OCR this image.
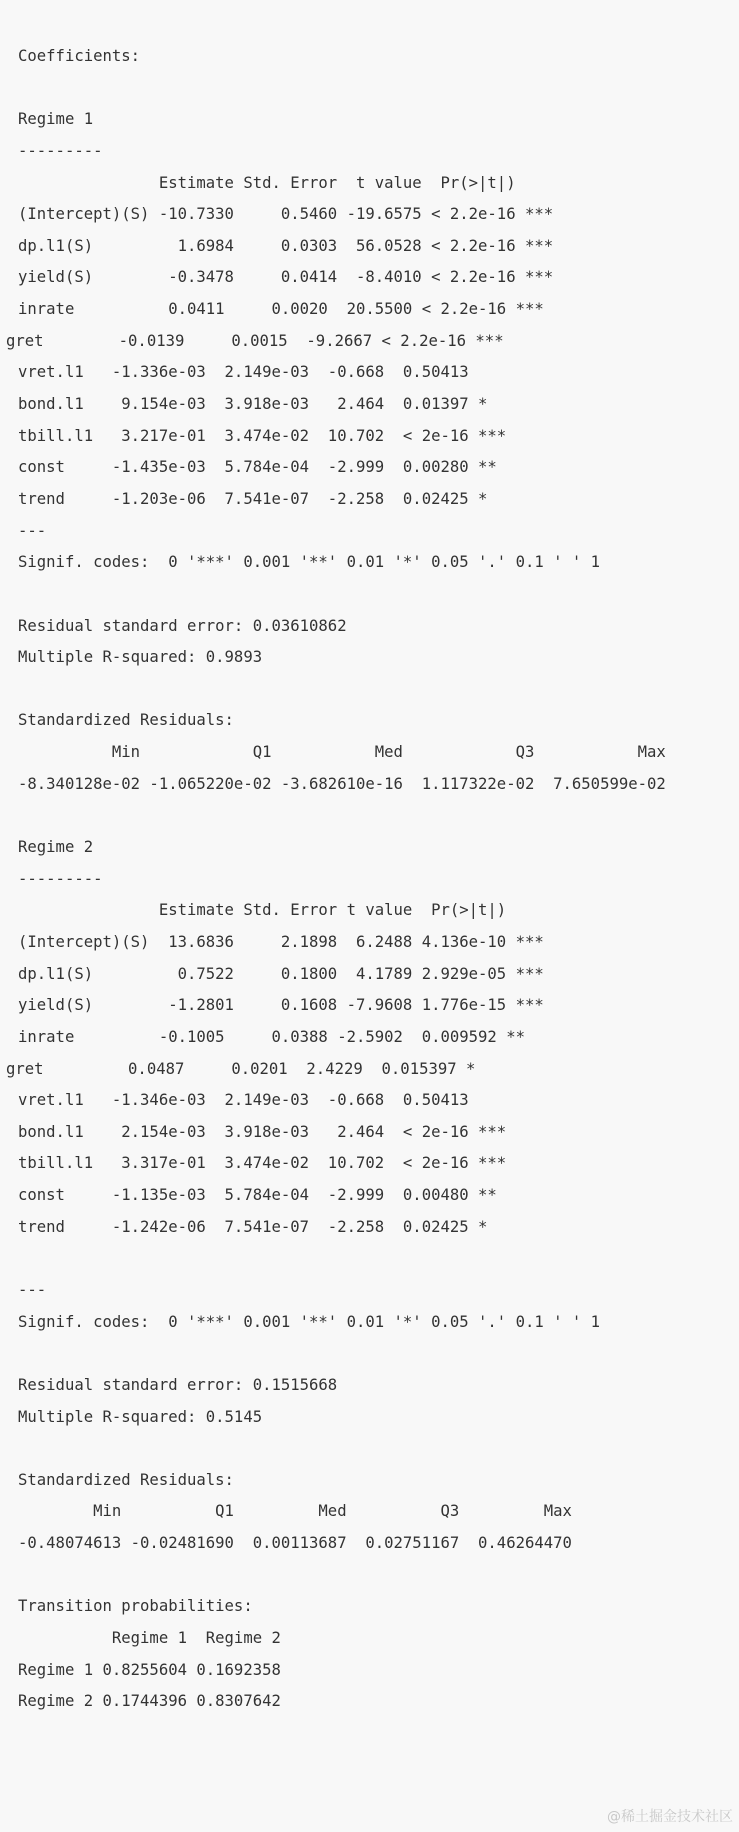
Coefficients:
Regime 1
---------
Estimate Std. Error  t value  Pr(>|t|)
(Intercept)(S) -10.7330     0.5460 -19.6575 < 2.2e-16 ***
dp.l1(S)         1.6984     0.0303  56.0528 < 2.2e-16 ***
yield(S)        -0.3478     0.0414  -8.4010 < 2.2e-16 ***
inrate          0.0411     0.0020  20.5500 < 2.2e-16 ***
gret        -0.0139     0.0015  -9.2667 < 2.2e-16 ***
vret.l1   -1.336e-03  2.149e-03  -0.668  0.50413
bond.l1    9.154e-03  3.918e-03   2.464  0.01397 *
tbill.l1   3.217e-01  3.474e-02  10.702  < 2e-16 ***
const     -1.435e-03  5.784e-04  -2.999  0.00280 **
trend     -1.203e-06  7.541e-07  -2.258  0.02425 *
---
Signif. codes:  0 '***' 0.001 '**' 0.01 '*' 0.05 '.' 0.1 ' ' 1
Residual standard error: 0.03610862
Multiple R-squared: 0.9893
Standardized Residuals:
Min            Q1           Med            Q3           Max
-8.340128e-02 -1.065220e-02 -3.682610e-16  1.117322e-02  7.650599e-02
Regime 2
---------
Estimate Std. Error t value  Pr(>|t|)
(Intercept)(S)  13.6836     2.1898  6.2488 4.136e-10 ***
dp.l1(S)         0.7522     0.1800  4.1789 2.929e-05 ***
yield(S)        -1.2801     0.1608 -7.9608 1.776e-15 ***
inrate         -0.1005     0.0388 -2.5902  0.009592 **
gret         0.0487     0.0201  2.4229  0.015397 *
vret.l1   -1.346e-03  2.149e-03  -0.668  0.50413
bond.l1    2.154e-03  3.918e-03   2.464  < 2e-16 ***
tbill.l1   3.317e-01  3.474e-02  10.702  < 2e-16 ***
const     -1.135e-03  5.784e-04  -2.999  0.00480 **
trend     -1.242e-06  7.541e-07  -2.258  0.02425 *
---
Signif. codes:  0 '***' 0.001 '**' 0.01 '*' 0.05 '.' 0.1 ' ' 1
Residual standard error: 0.1515668
Multiple R-squared: 0.5145
Standardized Residuals:
Min          Q1         Med          Q3         Max
-0.48074613 -0.02481690  0.00113687  0.02751167  0.46264470
Transition probabilities:
Regime 1  Regime 2
Regime 1 0.8255604 0.1692358
Regime 2 0.1744396 0.8307642
@稀土掘金技术社区
